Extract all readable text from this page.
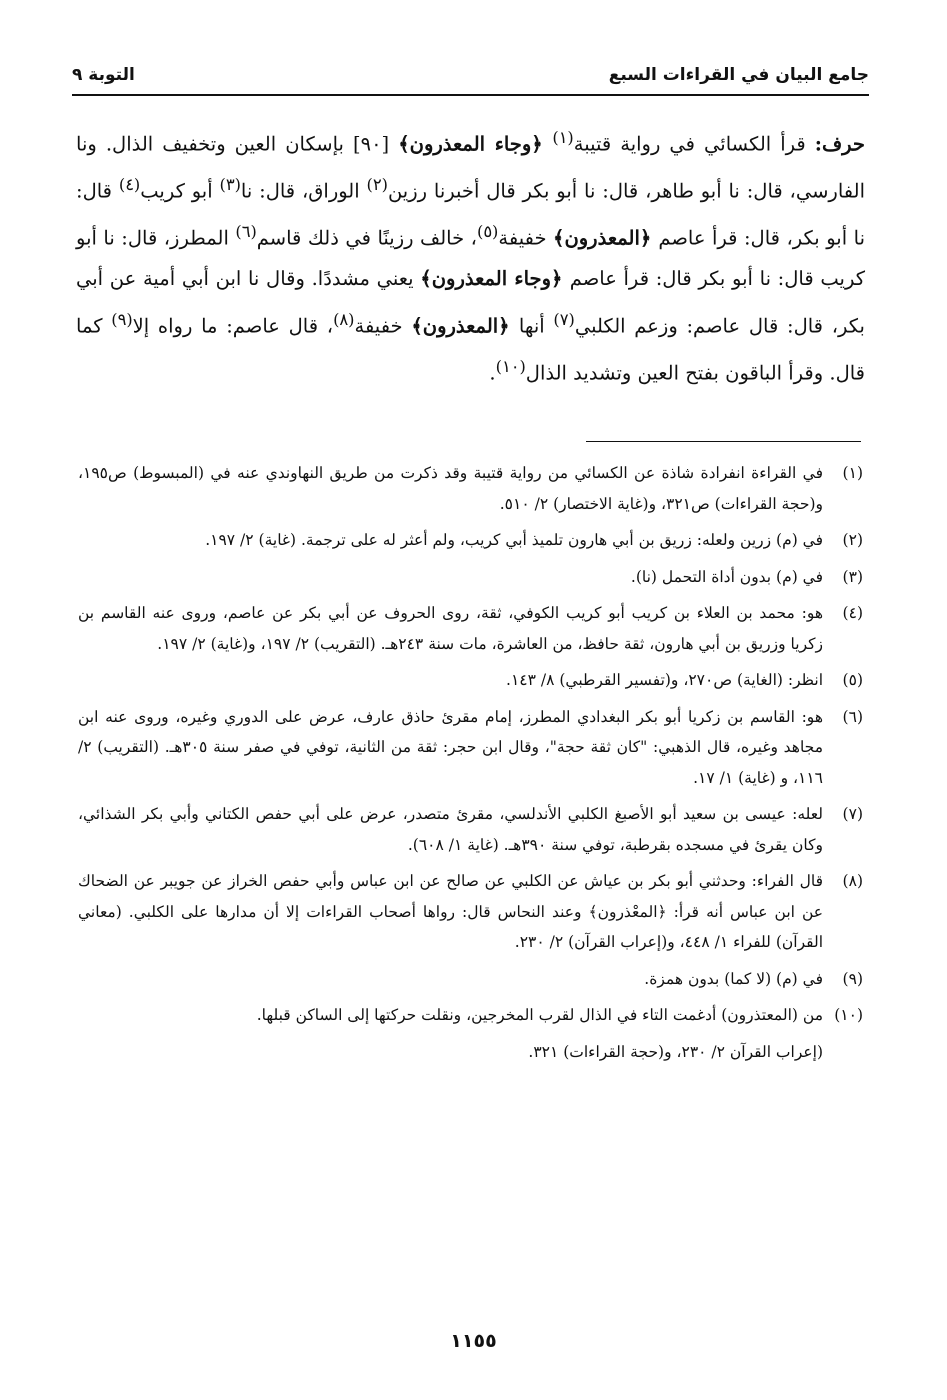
جامع البيان في القراءات السبع
التوبة ٩

حرف: قرأ الكسائي في رواية قتيبة$^{(١)}$ ﴿وجاء المعذرون﴾ [٩٠] بإسكان العين وتخفيف الذال. ونا الفارسي، قال: نا أبو طاهر، قال: نا أبو بكر قال أخبرنا رزين$^{(٢)}$ الوراق، قال: نا$^{(٣)}$ أبو كريب$^{(٤)}$ قال: نا أبو بكر، قال: قرأ عاصم ﴿المعذرون﴾ خفيفة$^{(٥)}$، خالف رزينًا في ذلك قاسم$^{(٦)}$ المطرز، قال: نا أبو كريب قال: نا أبو بكر قال: قرأ عاصم ﴿وجاء المعذرون﴾ يعني مشددًا. وقال نا ابن أبي أمية عن أبي بكر، قال: قال عاصم: وزعم الكلبي$^{(٧)}$ أنها ﴿المعذرون﴾ خفيفة$^{(٨)}$، قال عاصم: ما رواه إلا$^{(٩)}$ كما قال. وقرأ الباقون بفتح العين وتشديد الذال$^{(١٠)}$.

(١)
في القراءة انفرادة شاذة عن الكسائي من رواية قتيبة وقد ذكرت من طريق النهاوندي عنه في (المبسوط) ص١٩٥، و(حجة القراءات) ص٣٢١، و(غاية الاختصار) ٢/ ٥١٠.

(٢)
في (م) زرين ولعله: زريق بن أبي هارون تلميذ أبي كريب، ولم أعثر له على ترجمة. (غاية) ٢/ ١٩٧.

(٣)
في (م) بدون أداة التحمل (نا).

(٤)
هو: محمد بن العلاء بن كريب أبو كريب الكوفي، ثقة، روى الحروف عن أبي بكر عن عاصم، وروى عنه القاسم بن زكريا وزريق بن أبي هارون، ثقة حافظ، من العاشرة، مات سنة ٢٤٣هـ. (التقريب) ٢/ ١٩٧، و(غاية) ٢/ ١٩٧.

(٥)
انظر: (الغاية) ص٢٧٠، و(تفسير القرطبي) ٨/ ١٤٣.

(٦)
هو: القاسم بن زكريا أبو بكر البغدادي المطرز، إمام مقرئ حاذق عارف، عرض على الدوري وغيره، وروى عنه ابن مجاهد وغيره، قال الذهبي: "كان ثقة حجة"، وقال ابن حجر: ثقة من الثانية، توفي في صفر سنة ٣٠٥هـ. (التقريب) ٢/ ١١٦، و (غاية) ١/ ١٧.

(٧)
لعله: عيسى بن سعيد أبو الأصبغ الكلبي الأندلسي، مقرئ متصدر، عرض على أبي حفص الكتاني وأبي بكر الشذائي، وكان يقرئ في مسجده بقرطبة، توفي سنة ٣٩٠هـ. (غاية ١/ ٦٠٨).

(٨)
قال الفراء: وحدثني أبو بكر بن عياش عن الكلبي عن صالح عن ابن عباس وأبي حفص الخراز عن جويبر عن الضحاك عن ابن عباس أنه قرأ: ﴿المعْذرون﴾ وعند النحاس قال: رواها أصحاب القراءات إلا أن مدارها على الكلبي. (معاني القرآن) للفراء ١/ ٤٤٨، و(إعراب القرآن) ٢/ ٢٣٠.

(٩)
في (م) (لا كما) بدون همزة.

(١٠)
من (المعتذرون) أدغمت التاء في الذال لقرب المخرجين، ونقلت حركتها إلى الساكن قبلها.

(إعراب القرآن ٢/ ٢٣٠، و(حجة القراءات) ٣٢١.

١١٥٥
